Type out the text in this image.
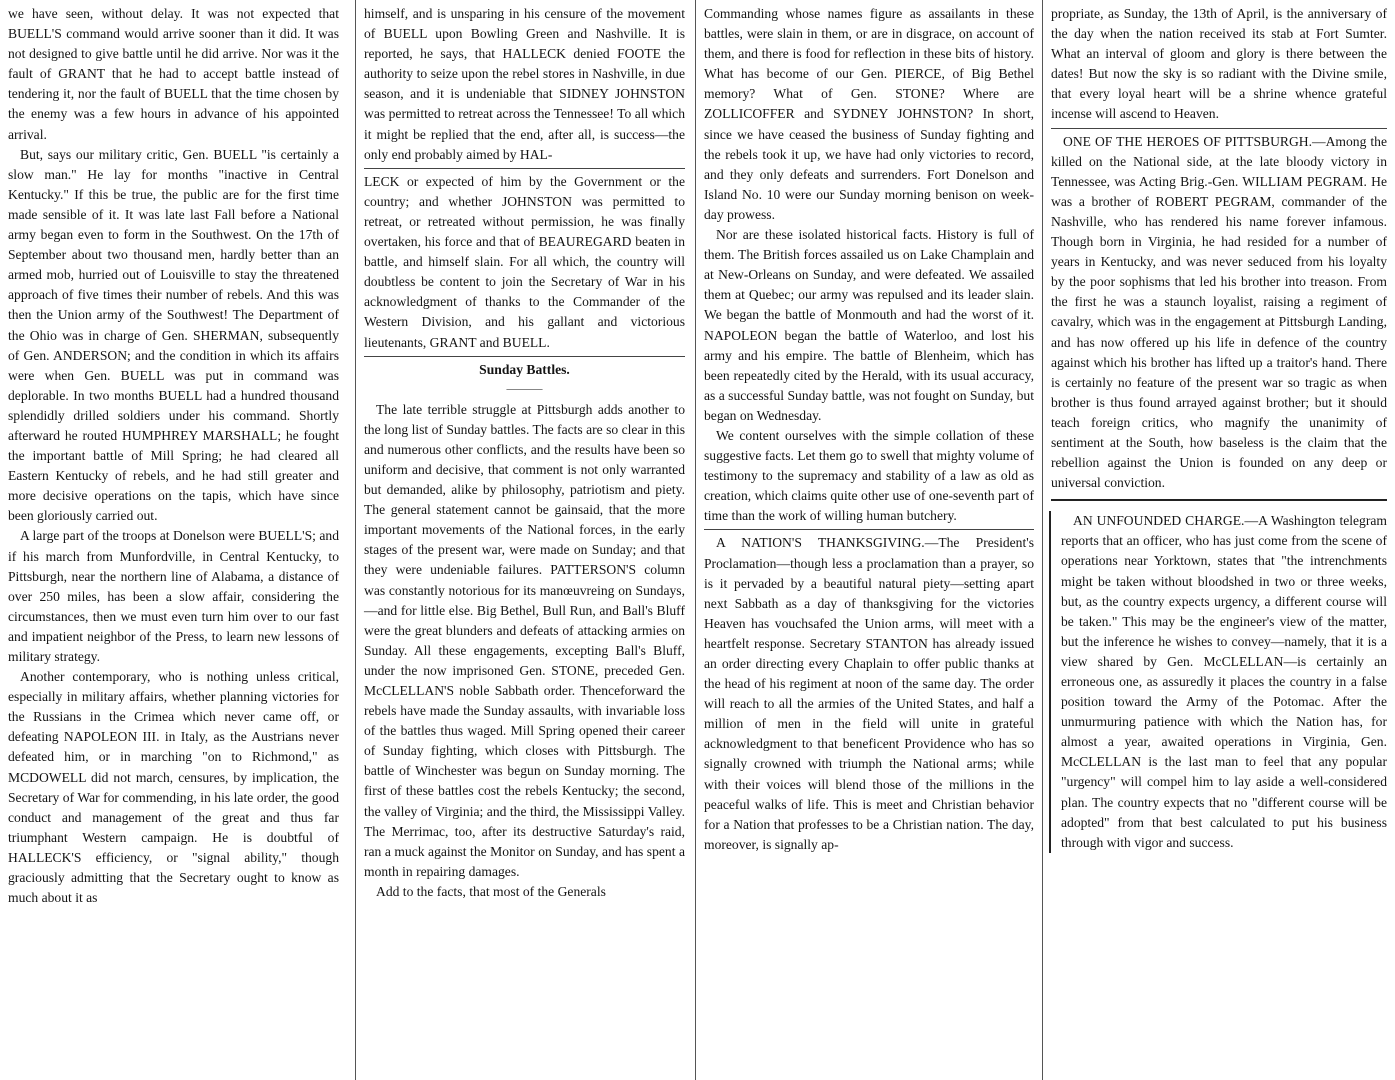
we have seen, without delay. It was not expected that BUELL'S command would arrive sooner than it did. It was not designed to give battle until he did arrive. Nor was it the fault of GRANT that he had to accept battle instead of tendering it, nor the fault of BUELL that the time chosen by the enemy was a few hours in advance of his appointed arrival.

But, says our military critic, Gen. BUELL "is certainly a slow man." He lay for months "inactive in Central Kentucky." If this be true, the public are for the first time made sensible of it. It was late last Fall before a National army began even to form in the Southwest. On the 17th of September about two thousand men, hardly better than an armed mob, hurried out of Louisville to stay the threatened approach of five times their number of rebels. And this was then the Union army of the Southwest! The Department of the Ohio was in charge of Gen. SHERMAN, subsequently of Gen. ANDERSON; and the condition in which its affairs were when Gen. BUELL was put in command was deplorable. In two months BUELL had a hundred thousand splendidly drilled soldiers under his command. Shortly afterward he routed HUMPHREY MARSHALL; he fought the important battle of Mill Spring; he had cleared all Eastern Kentucky of rebels, and he had still greater and more decisive operations on the tapis, which have since been gloriously carried out.

A large part of the troops at Donelson were BUELL'S; and if his march from Munfordville, in Central Kentucky, to Pittsburgh, near the northern line of Alabama, a distance of over 250 miles, has been a slow affair, considering the circumstances, then we must even turn him over to our fast and impatient neighbor of the Press, to learn new lessons of military strategy.

Another contemporary, who is nothing unless critical, especially in military affairs, whether planning victories for the Russians in the Crimea which never came off, or defeating NAPOLEON III. in Italy, as the Austrians never defeated him, or in marching "on to Richmond," as MCDOWELL did not march, censures, by implication, the Secretary of War for commending, in his late order, the good conduct and management of the great and thus far triumphant Western campaign. He is doubtful of HALLECK'S efficiency, or "signal ability," though graciously admitting that the Secretary ought to know as much about it as

himself, and is unsparing in his censure of the movement of BUELL upon Bowling Green and Nashville. It is reported, he says, that HALLECK denied FOOTE the authority to seize upon the rebel stores in Nashville, in due season, and it is undeniable that SIDNEY JOHNSTON was permitted to retreat across the Tennessee! To all which it might be replied that the end, after all, is success—the only end probably aimed by HAL-

LECK or expected of him by the Government or the country; and whether JOHNSTON was permitted to retreat, or retreated without permission, he was finally overtaken, his force and that of BEAUREGARD beaten in battle, and himself slain. For all which, the country will doubtless be content to join the Secretary of War in his acknowledgment of thanks to the Commander of the Western Division, and his gallant and victorious lieutenants, GRANT and BUELL.

Sunday Battles.

———

The late terrible struggle at Pittsburgh adds another to the long list of Sunday battles. The facts are so clear in this and numerous other conflicts, and the results have been so uniform and decisive, that comment is not only warranted but demanded, alike by philosophy, patriotism and piety. The general statement cannot be gainsaid, that the more important movements of the National forces, in the early stages of the present war, were made on Sunday; and that they were undeniable failures. PATTERSON'S column was constantly notorious for its manœuvreing on Sundays,—and for little else. Big Bethel, Bull Run, and Ball's Bluff were the great blunders and defeats of attacking armies on Sunday. All these engagements, excepting Ball's Bluff, under the now imprisoned Gen. STONE, preceded Gen. McCLELLAN'S noble Sabbath order. Thenceforward the rebels have made the Sunday assaults, with invariable loss of the battles thus waged. Mill Spring opened their career of Sunday fighting, which closes with Pittsburgh. The battle of Winchester was begun on Sunday morning. The first of these battles cost the rebels Kentucky; the second, the valley of Virginia; and the third, the Mississippi Valley. The Merrimac, too, after its destructive Saturday's raid, ran a muck against the Monitor on Sunday, and has spent a month in repairing damages.

Add to the facts, that most of the Generals

Commanding whose names figure as assailants in these battles, were slain in them, or are in disgrace, on account of them, and there is food for reflection in these bits of history. What has become of our Gen. PIERCE, of Big Bethel memory? What of Gen. STONE? Where are ZOLLICOFFER and SYDNEY JOHNSTON? In short, since we have ceased the business of Sunday fighting and the rebels took it up, we have had only victories to record, and they only defeats and surrenders. Fort Donelson and Island No. 10 were our Sunday morning benison on week-day prowess.

Nor are these isolated historical facts. History is full of them. The British forces assailed us on Lake Champlain and at New-Orleans on Sunday, and were defeated. We assailed them at Quebec; our army was repulsed and its leader slain. We began the battle of Monmouth and had the worst of it. NAPOLEON began the battle of Waterloo, and lost his army and his empire. The battle of Blenheim, which has been repeatedly cited by the Herald, with its usual accuracy, as a successful Sunday battle, was not fought on Sunday, but began on Wednesday.

We content ourselves with the simple collation of these suggestive facts. Let them go to swell that mighty volume of testimony to the supremacy and stability of a law as old as creation, which claims quite other use of one-seventh part of time than the work of willing human butchery.

A NATION'S THANKSGIVING.—The President's Proclamation—though less a proclamation than a prayer, so is it pervaded by a beautiful natural piety—setting apart next Sabbath as a day of thanksgiving for the victories Heaven has vouchsafed the Union arms, will meet with a heartfelt response. Secretary STANTON has already issued an order directing every Chaplain to offer public thanks at the head of his regiment at noon of the same day. The order will reach to all the armies of the United States, and half a million of men in the field will unite in grateful acknowledgment to that beneficent Providence who has so signally crowned with triumph the National arms; while with their voices will blend those of the millions in the peaceful walks of life. This is meet and Christian behavior for a Nation that professes to be a Christian nation. The day, moreover, is signally ap-

propriate, as Sunday, the 13th of April, is the anniversary of the day when the nation received its stab at Fort Sumter. What an interval of gloom and glory is there between the dates! But now the sky is so radiant with the Divine smile, that every loyal heart will be a shrine whence grateful incense will ascend to Heaven.

ONE OF THE HEROES OF PITTSBURGH.—Among the killed on the National side, at the late bloody victory in Tennessee, was Acting Brig.-Gen. WILLIAM PEGRAM. He was a brother of ROBERT PEGRAM, commander of the Nashville, who has rendered his name forever infamous. Though born in Virginia, he had resided for a number of years in Kentucky, and was never seduced from his loyalty by the poor sophisms that led his brother into treason. From the first he was a staunch loyalist, raising a regiment of cavalry, which was in the engagement at Pittsburgh Landing, and has now offered up his life in defence of the country against which his brother has lifted up a traitor's hand. There is certainly no feature of the present war so tragic as when brother is thus found arrayed against brother; but it should teach foreign critics, who magnify the unanimity of sentiment at the South, how baseless is the claim that the rebellion against the Union is founded on any deep or universal conviction.

AN UNFOUNDED CHARGE.—A Washington telegram reports that an officer, who has just come from the scene of operations near Yorktown, states that "the intrenchments might be taken without bloodshed in two or three weeks, but, as the country expects urgency, a different course will be taken." This may be the engineer's view of the matter, but the inference he wishes to convey—namely, that it is a view shared by Gen. McCLELLAN—is certainly an erroneous one, as assuredly it places the country in a false position toward the Army of the Potomac. After the unmurmuring patience with which the Nation has, for almost a year, awaited operations in Virginia, Gen. McCLELLAN is the last man to feel that any popular "urgency" will compel him to lay aside a well-considered plan. The country expects that no "different course will be adopted" from that best calculated to put his business through with vigor and success.
